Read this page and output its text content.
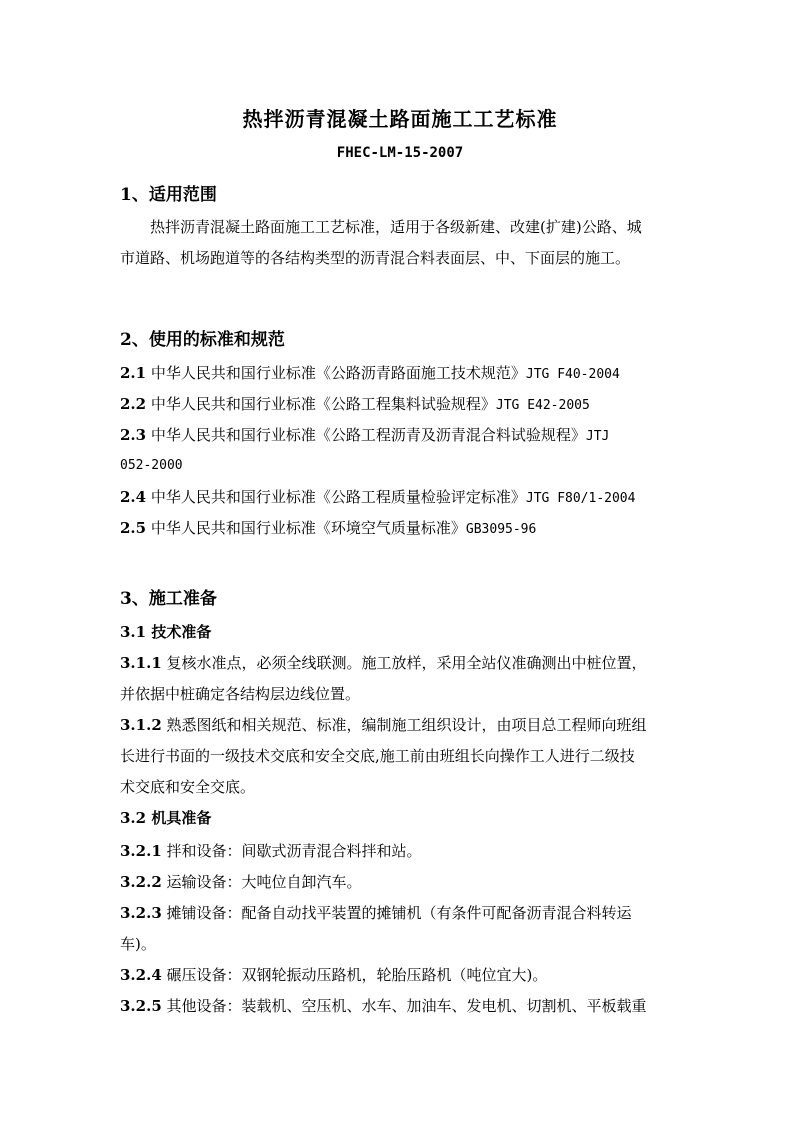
热拌沥青混凝土路面施工工艺标准
FHEC-LM-15-2007
1、适用范围
热拌沥青混凝土路面施工工艺标准，适用于各级新建、改建(扩建)公路、城
市道路、机场跑道等的各结构类型的沥青混合料表面层、中、下面层的施工。
2、使用的标准和规范
2.1 中华人民共和国行业标准《公路沥青路面施工技术规范》JTG F40-2004
2.2 中华人民共和国行业标准《公路工程集料试验规程》JTG E42-2005
2.3 中华人民共和国行业标准《公路工程沥青及沥青混合料试验规程》JTJ
052-2000
2.4 中华人民共和国行业标准《公路工程质量检验评定标准》JTG F80/1-2004
2.5 中华人民共和国行业标准《环境空气质量标准》GB3095-96
3、施工准备
3.1 技术准备
3.1.1 复核水准点，必须全线联测。施工放样，采用全站仪准确测出中桩位置，
并依据中桩确定各结构层边线位置。
3.1.2 熟悉图纸和相关规范、标准，编制施工组织设计，由项目总工程师向班组
长进行书面的一级技术交底和安全交底,施工前由班组长向操作工人进行二级技
术交底和安全交底。
3.2 机具准备
3.2.1 拌和设备：间歇式沥青混合料拌和站。
3.2.2 运输设备：大吨位自卸汽车。
3.2.3 摊铺设备：配备自动找平装置的摊铺机（有条件可配备沥青混合料转运
车)。
3.2.4 碾压设备：双钢轮振动压路机，轮胎压路机（吨位宜大)。
3.2.5 其他设备：装载机、空压机、水车、加油车、发电机、切割机、平板载重
